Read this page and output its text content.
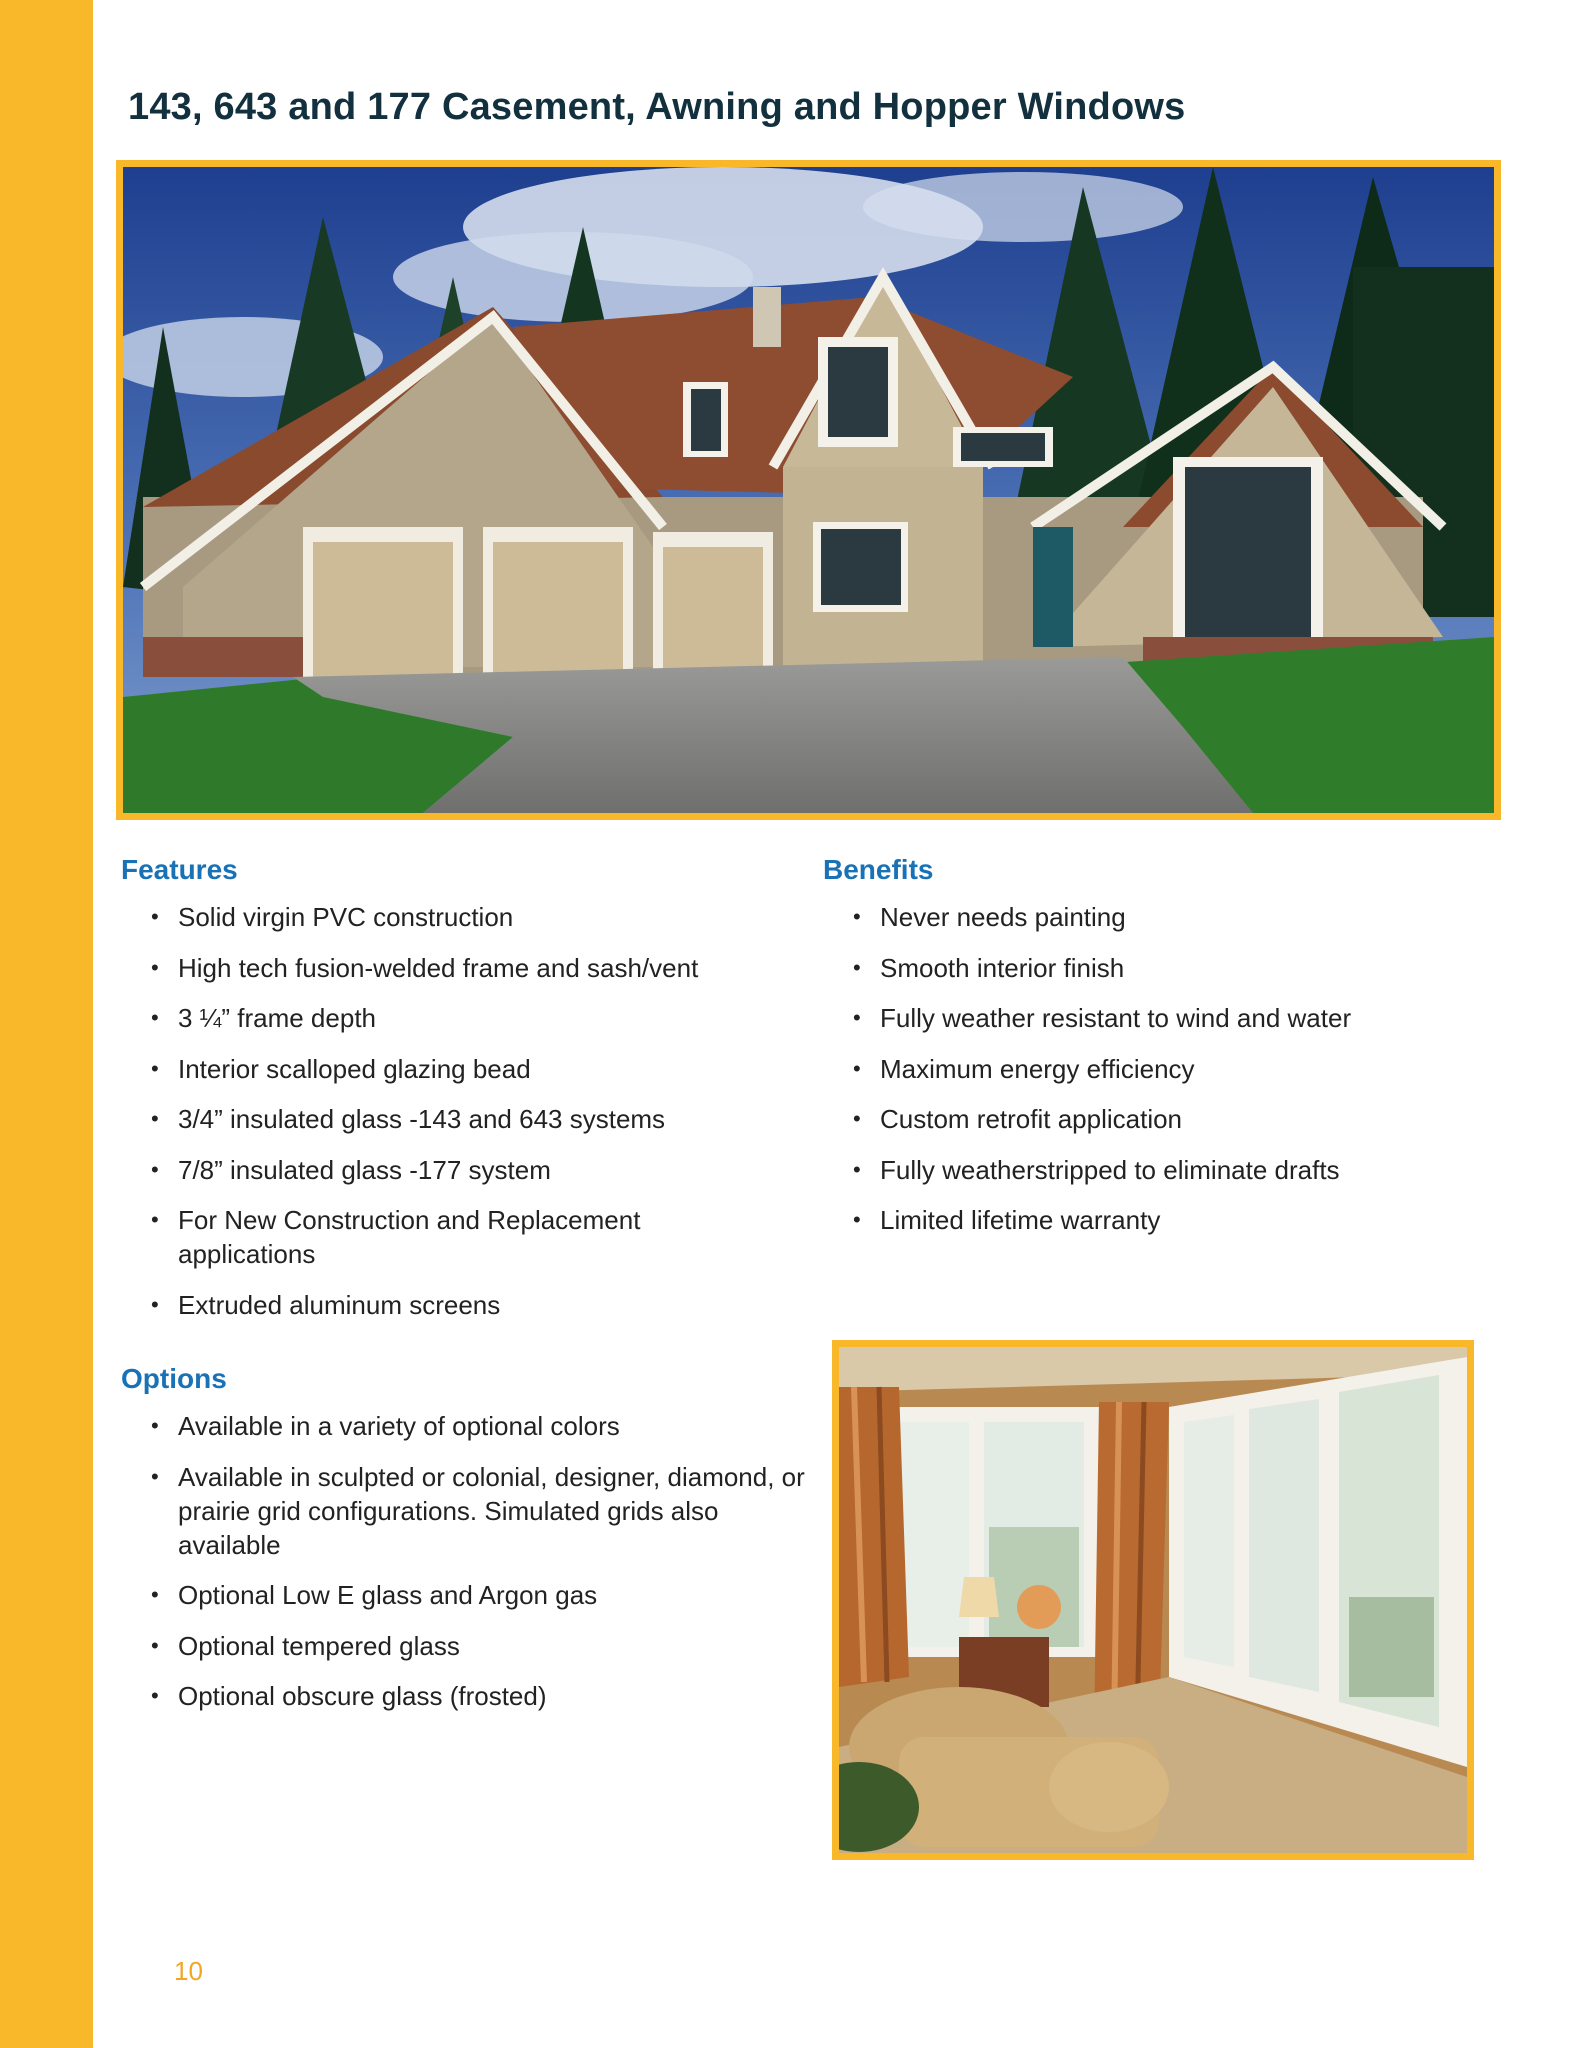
143, 643 and 177 Casement, Awning and Hopper Windows
Features
• Solid virgin PVC construction
• High tech fusion-welded frame and sash/vent
• 3 ¼” frame depth
• Interior scalloped glazing bead
• 3/4” insulated glass -143 and 643 systems
• 7/8” insulated glass -177 system
• For New Construction and Replacement applications
• Extruded aluminum screens
Benefits
• Never needs painting
• Smooth interior finish
• Fully weather resistant to wind and water
• Maximum energy efficiency
• Custom retrofit application
• Fully weatherstripped to eliminate drafts
• Limited lifetime warranty
Options
• Available in a variety of optional colors
• Available in sculpted or colonial, designer, diamond, or prairie grid configurations. Simulated grids also available
• Optional Low E glass and Argon gas
• Optional tempered glass
• Optional obscure glass (frosted)
10
